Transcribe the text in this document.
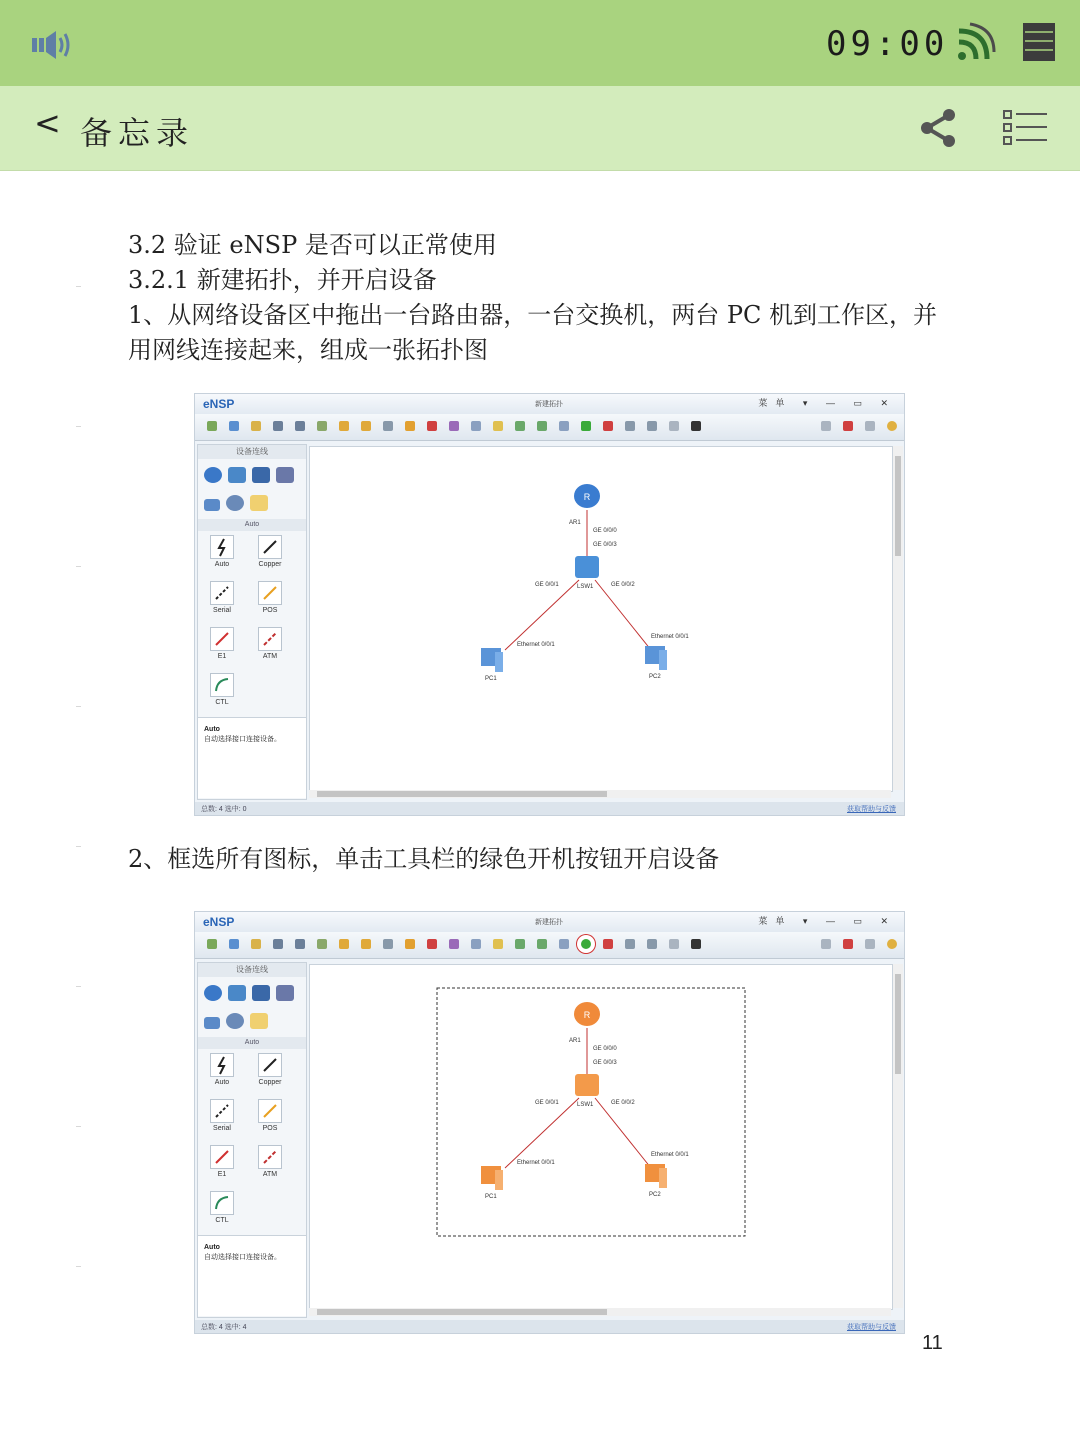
09:00
< 备忘录

3.2 验证 eNSP 是否可以正常使用

3.2.1 新建拓扑，并开启设备

1、从网络设备区中拖出一台路由器，一台交换机，两台 PC 机到工作区，并

用网线连接起来，组成一张拓扑图

2、框选所有图标，单击工具栏的绿色开机按钮开启设备
eNSP	新建拓扑	菜单 ▾ — ▭ ✕
设备连线
Auto
Auto	Copper
Serial	POS
E1	ATM
CTL
Auto
自动选择接口连接设备。
R
AR1
GE 0/0/0
GE 0/0/3
LSW1
GE 0/0/1	GE 0/0/2
Ethernet 0/0/1
Ethernet 0/0/1
PC1	PC2
总数: 4 选中: 0	获取帮助与反馈
eNSP	新建拓扑	菜单 ▾ — ▭ ✕
设备连线
Auto
Auto	Copper
Serial	POS
E1	ATM
CTL
Auto
自动选择接口连接设备。
R
AR1
GE 0/0/0
GE 0/0/3
LSW1
GE 0/0/1	GE 0/0/2
Ethernet 0/0/1
Ethernet 0/0/1
PC1	PC2
总数: 4 选中: 4	获取帮助与反馈
11
